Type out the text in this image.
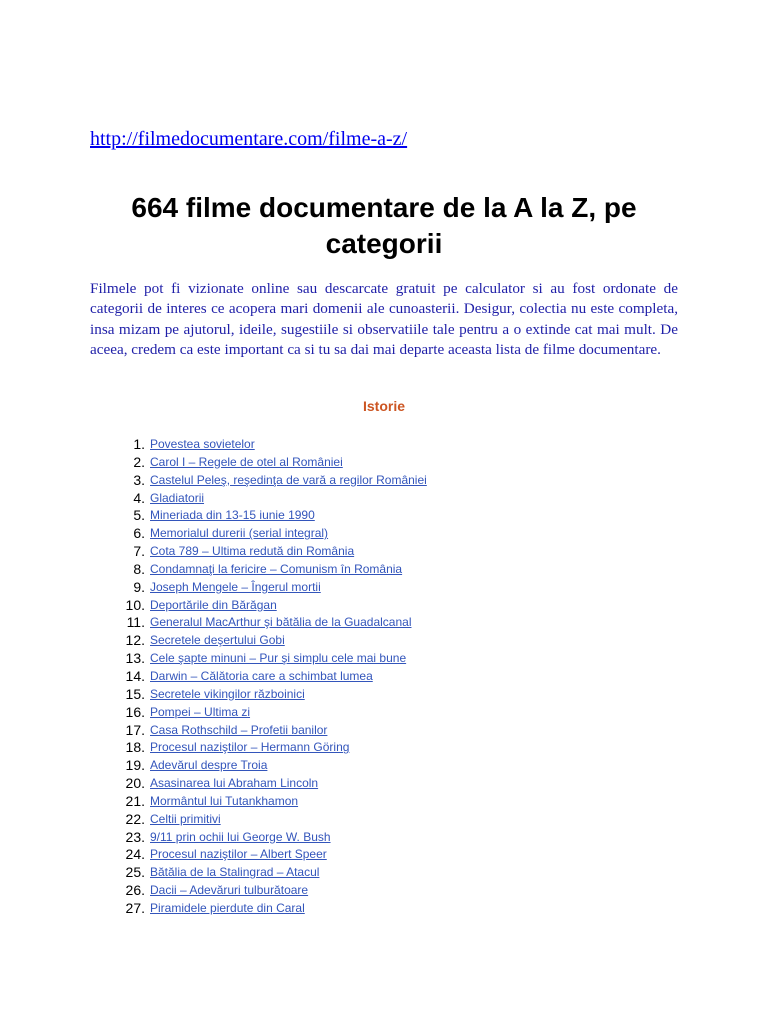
http://filmedocumentare.com/filme-a-z/
664 filme documentare de la A la Z, pe categorii

Filmele pot fi vizionate online sau descarcate gratuit pe calculator si au fost ordonate de categorii de interes ce acopera mari domenii ale cunoasterii. Desigur, colectia nu este completa, insa mizam pe ajutorul, ideile, sugestiile si observatiile tale pentru a o extinde cat mai mult. De aceea, credem ca este important ca si tu sa dai mai departe aceasta lista de filme documentare.

Istorie
1. Povestea sovietelor
2. Carol I – Regele de otel al României
3. Castelul Peleş, reşedinţa de vară a regilor României
4. Gladiatorii
5. Mineriada din 13-15 iunie 1990
6. Memorialul durerii (serial integral)
7. Cota 789 – Ultima redută din România
8. Condamnaţi la fericire – Comunism în România
9. Joseph Mengele – Îngerul mortii
10. Deportările din Bărăgan
11. Generalul MacArthur şi bătălia de la Guadalcanal
12. Secretele deşertului Gobi
13. Cele şapte minuni – Pur şi simplu cele mai bune
14. Darwin – Călătoria care a schimbat lumea
15. Secretele vikingilor războinici
16. Pompei – Ultima zi
17. Casa Rothschild – Profetii banilor
18. Procesul naziştilor – Hermann Göring
19. Adevărul despre Troia
20. Asasinarea lui Abraham Lincoln
21. Mormântul lui Tutankhamon
22. Celtii primitivi
23. 9/11 prin ochii lui George W. Bush
24. Procesul naziştilor – Albert Speer
25. Bătălia de la Stalingrad – Atacul
26. Dacii – Adevăruri tulburătoare
27. Piramidele pierdute din Caral
